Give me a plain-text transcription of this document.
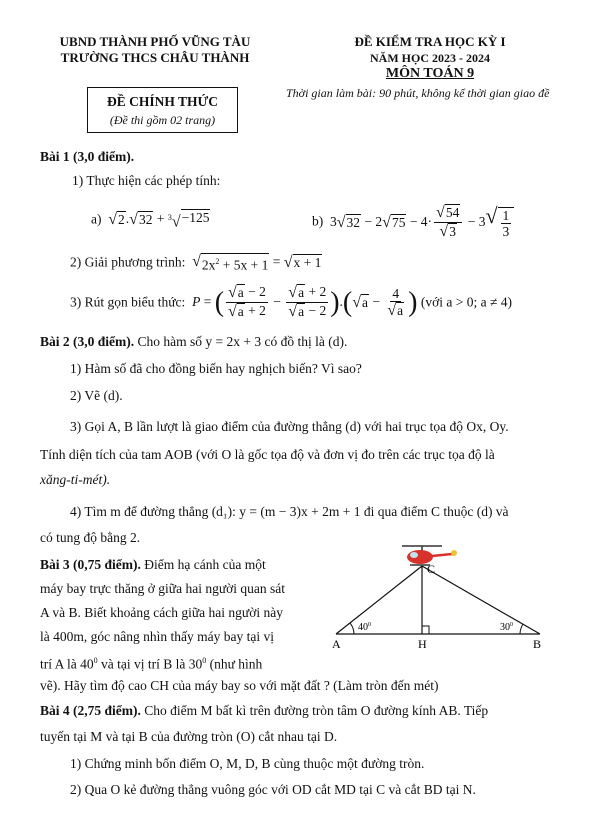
UBND THÀNH PHỐ VŨNG TÀU
TRƯỜNG THCS CHÂU THÀNH
ĐỀ KIỂM TRA HỌC KỲ I
NĂM HỌC 2023 - 2024
MÔN TOÁN 9
ĐỀ CHÍNH THỨC
(Đề thi gồm 02 trang)
Thời gian làm bài: 90 phút, không kể thời gian giao đề
Bài 1 (3,0 điểm).
1) Thực hiện các phép tính:
a) √ 2 . √ 32 + $^3$√ −125	b)  3 √ 32 − 2 √ $75 - 4\cdot \frac{√ 54}{√ 3} - 3$ √ $\frac{1}{3}$
2) Giải phương trình: √ $2x^2 + 5x + 1$ = √ x + 1
3) Rút gọn biểu thức: P = ( $\frac{√ a - 2}{√ a + 2} - \frac{√ a + 2}{√ a - 2}$ ).( √ $a - \frac{4}{√ a}$ ) (với a > 0; a ≠ 4)
Bài 2 (3,0 điểm). Cho hàm số y = 2x + 3 có đồ thị là (d).
1) Hàm số đã cho đồng biến hay nghịch biến? Vì sao?
2) Vẽ (d).
3) Gọi A, B lần lượt là giao điểm của đường thẳng (d) với hai trục tọa độ Ox, Oy.
Tính diện tích của tam AOB (với O là gốc tọa độ và đơn vị đo trên các trục tọa độ là
xăng-ti-mét).
4) Tìm m để đường thẳng (d₁): y = (m − 3)x + 2m + 1 đi qua điểm C thuộc (d) và
có tung độ bằng 2.
Bài 3 (0,75 điểm). Điểm hạ cánh của một
máy bay trực thăng ở giữa hai người quan sát
A và B. Biết khoảng cách giữa hai người này
là 400m, góc nâng nhìn thấy máy bay tại vị
trí A là $40^0$ và tại vị trí B là $30^0$ (như hình
vẽ). Hãy tìm độ cao CH của máy bay so với mặt đất ? (Làm tròn đến mét)
C
A	B
H
$40^0$	$30^0$
Bài 4 (2,75 điểm). Cho điểm M bất kì trên đường tròn tâm O đường kính AB. Tiếp
tuyến tại M và tại B của đường tròn (O) cắt nhau tại D.
1) Chứng minh bốn điểm O, M, D, B cùng thuộc một đường tròn.
2) Qua O kẻ đường thẳng vuông góc với OD cắt MD tại C và cắt BD tại N.
